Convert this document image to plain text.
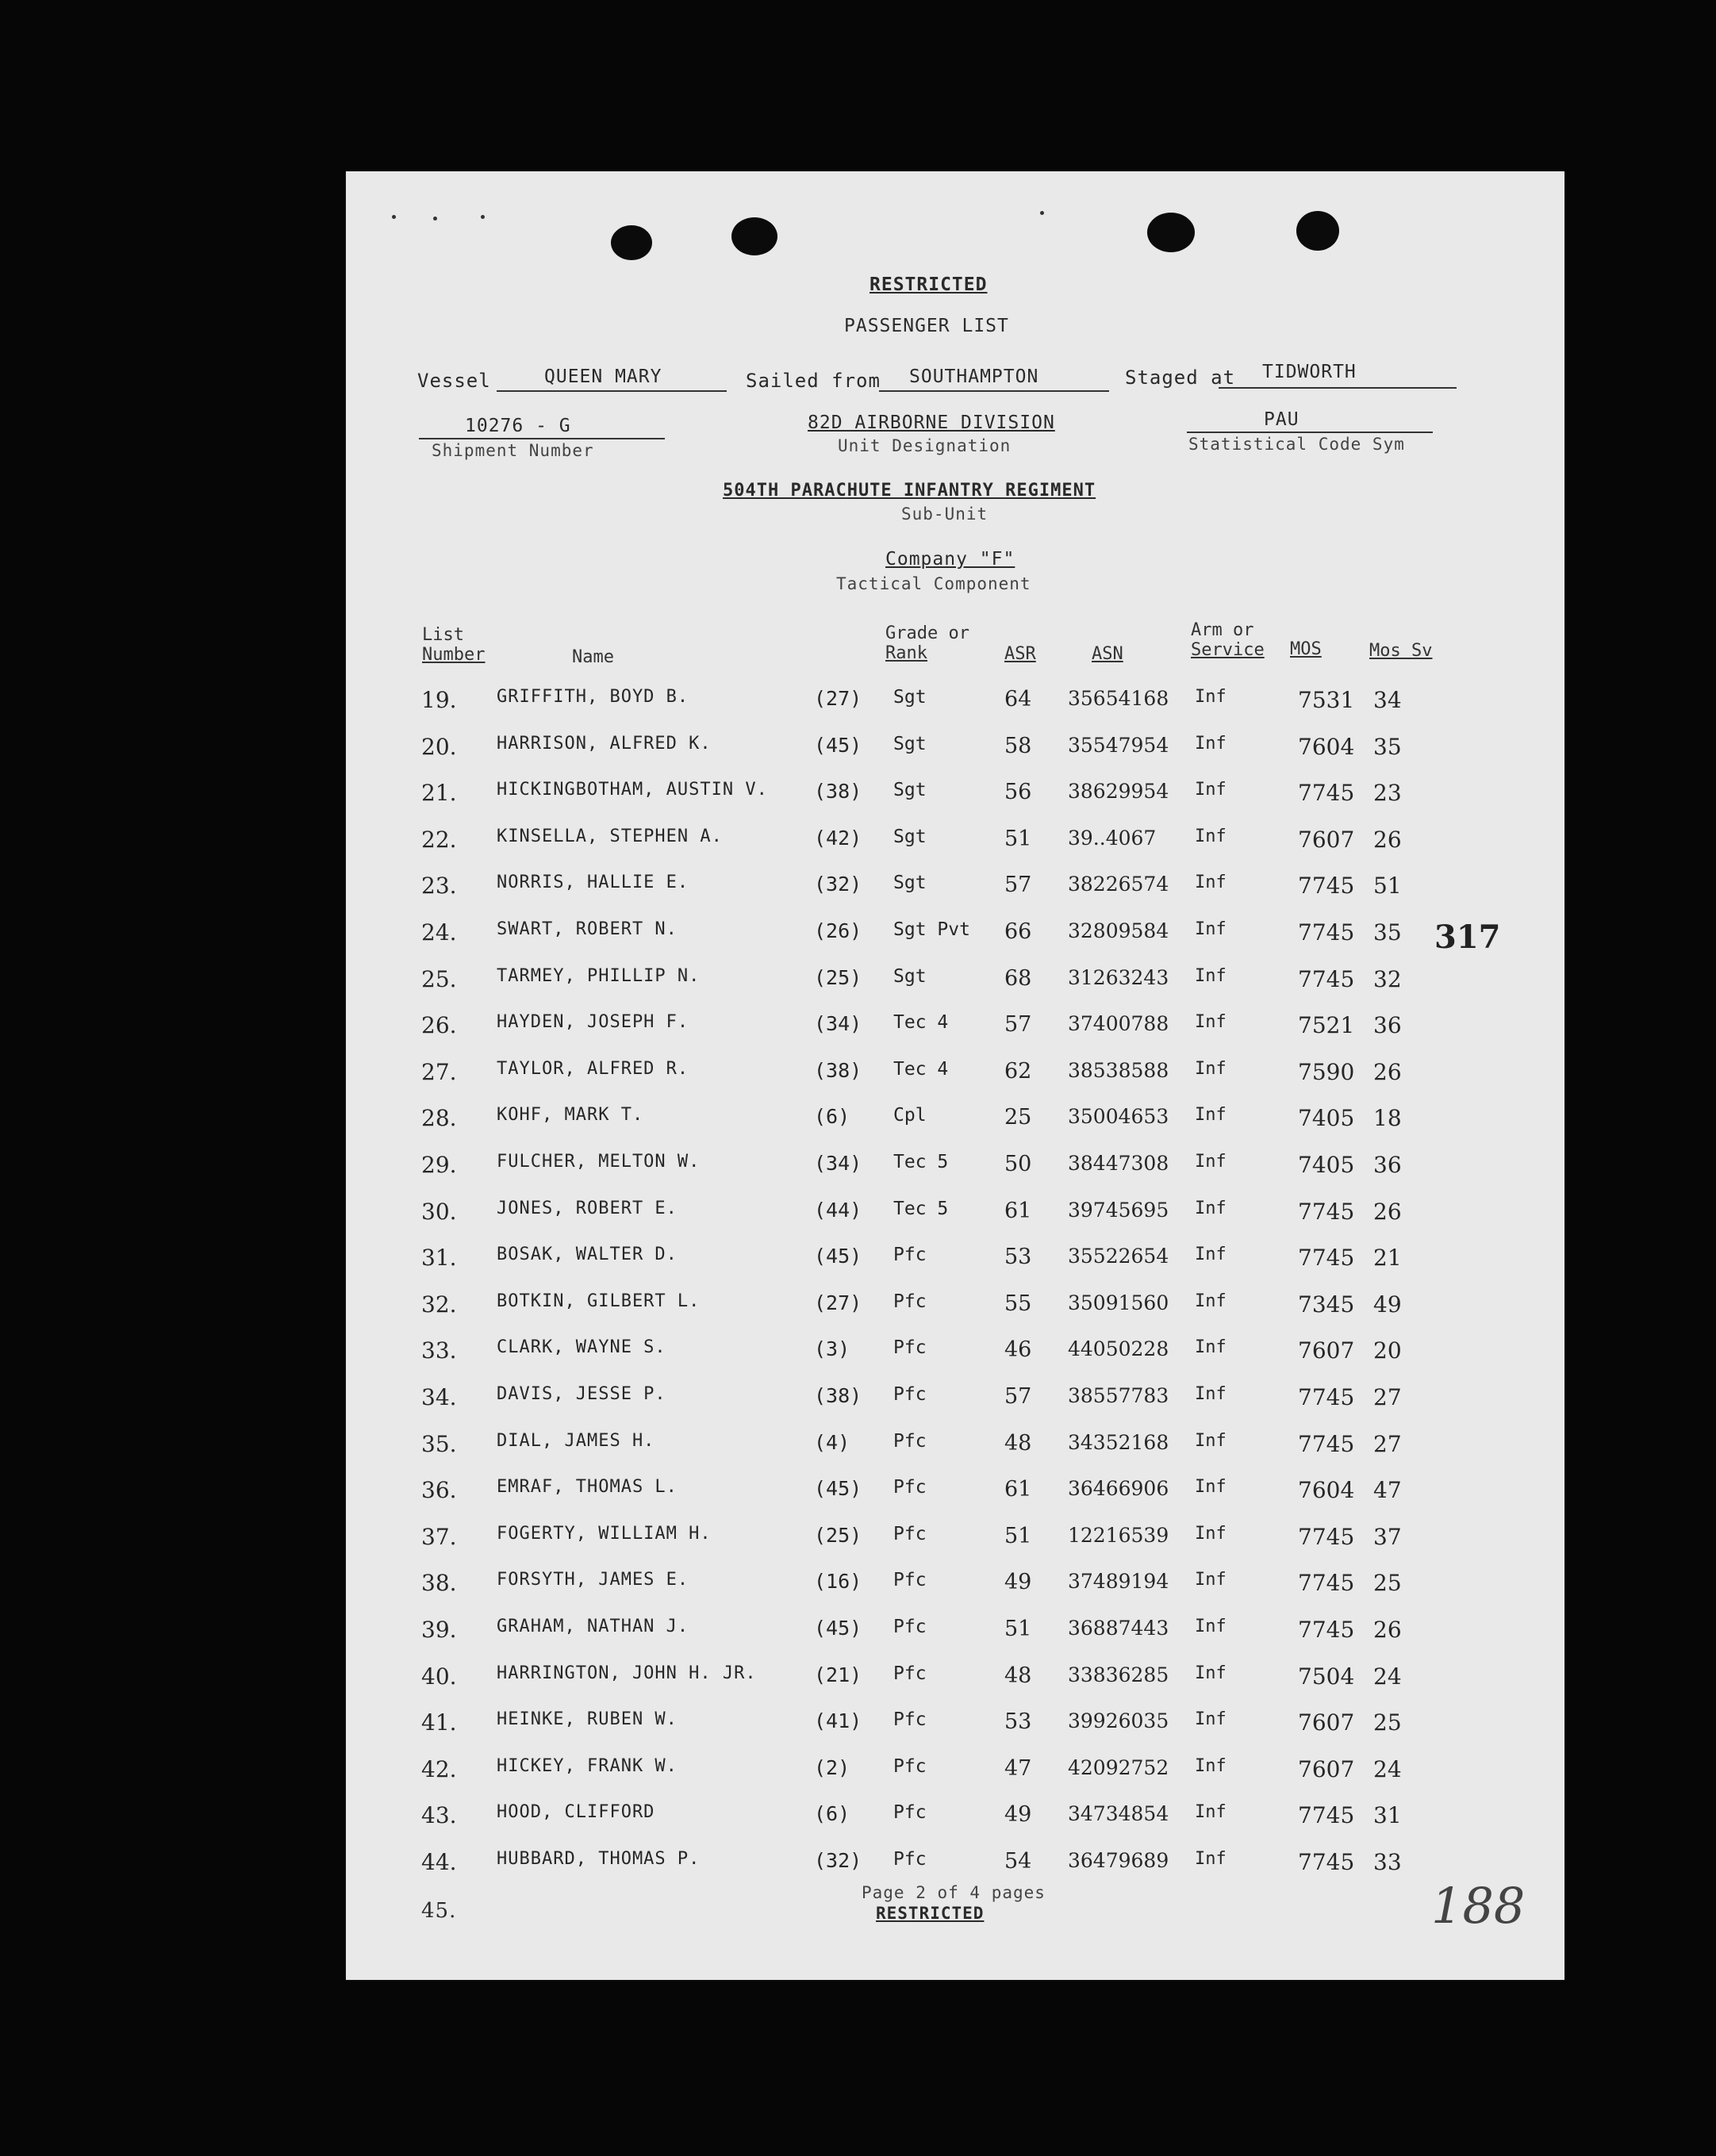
RESTRICTED
PASSENGER LIST
Vessel	QUEEN MARY	Sailed from SOUTHAMPTON	Staged at TIDWORTH
10276 - G
Shipment Number
82D AIRBORNE DIVISION
Unit Designation
PAU
Statistical Code Sym
504TH PARACHUTE INFANTRY REGIMENT
Sub-Unit
Company "F"
Tactical Component
List
Number	Name
Grade or
Rank	ASR	ASN
Arm or
Service MOS	Mos Sv
19. GRIFFITH, BOYD B.	(27) Sgt	64 35654168 Inf	7531 34
20. HARRISON, ALFRED K.	(45) Sgt	58 35547954 Inf	7604 35
21. HICKINGBOTHAM, AUSTIN V. (38) Sgt	56 38629954 Inf	7745 23
22. KINSELLA, STEPHEN A.	(42) Sgt	51 39..4067 Inf	7607 26
23. NORRIS, HALLIE E.	(32) Sgt	57 38226574 Inf	7745 51
24. SWART, ROBERT N.	(26) Sgt Pvt 66 32809584 Inf	7745 35
25. TARMEY, PHILLIP N.	(25) Sgt	68 31263243 Inf	7745 32
26. HAYDEN, JOSEPH F.	(34) Tec 4	57 37400788 Inf	7521 36
27. TAYLOR, ALFRED R.	(38) Tec 4	62 38538588 Inf	7590 26
28. KOHF, MARK T.	(6) Cpl	25 35004653 Inf	7405 18
29. FULCHER, MELTON W.	(34) Tec 5	50 38447308 Inf	7405 36
30. JONES, ROBERT E.	(44) Tec 5	61 39745695 Inf	7745 26
31. BOSAK, WALTER D.	(45) Pfc	53 35522654 Inf	7745 21
32. BOTKIN, GILBERT L.	(27) Pfc	55 35091560 Inf	7345 49
33. CLARK, WAYNE S.	(3) Pfc	46 44050228 Inf	7607 20
34. DAVIS, JESSE P.	(38) Pfc	57 38557783 Inf	7745 27
35. DIAL, JAMES H.	(4) Pfc	48 34352168 Inf	7745 27
36. EMRAF, THOMAS L.	(45) Pfc	61 36466906 Inf	7604 47
37. FOGERTY, WILLIAM H.	(25) Pfc	51 12216539 Inf	7745 37
38. FORSYTH, JAMES E.	(16) Pfc	49 37489194 Inf	7745 25
39. GRAHAM, NATHAN J.	(45) Pfc	51 36887443 Inf	7745 26
40. HARRINGTON, JOHN H. JR.	(21) Pfc	48 33836285 Inf	7504 24
41. HEINKE, RUBEN W.	(41) Pfc	53 39926035 Inf	7607 25
42. HICKEY, FRANK W.	(2) Pfc	47 42092752 Inf	7607 24
43. HOOD, CLIFFORD	(6) Pfc	49 34734854 Inf	7745 31
44. HUBBARD, THOMAS P.	(32) Pfc	54 36479689 Inf	7745 33
45.
Page 2 of 4 pages
RESTRICTED
317
188
